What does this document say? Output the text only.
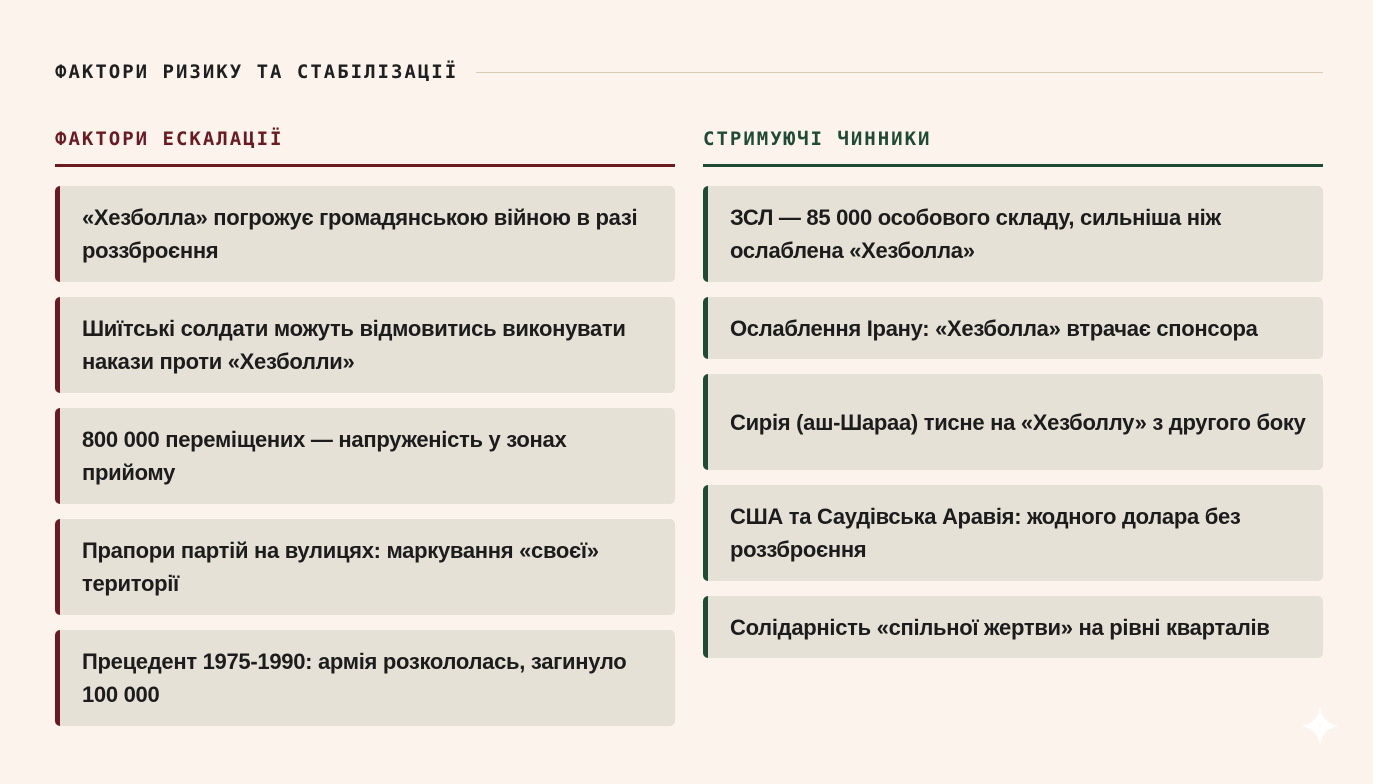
ФАКТОРИ РИЗИКУ ТА СТАБІЛІЗАЦІЇ
ФАКТОРИ ЕСКАЛАЦІЇ
«Хезболла» погрожує громадянською війною в разі роззброєння
Шиїтські солдати можуть відмовитись виконувати накази проти «Хезболли»
800 000 переміщених — напруженість у зонах прийому
Прапори партій на вулицях: маркування «своєї» території
Прецедент 1975-1990: армія розкололась, загинуло 100 000
СТРИМУЮЧІ ЧИННИКИ
ЗСЛ — 85 000 особового складу, сильніша ніж ослаблена «Хезболла»
Ослаблення Ірану: «Хезболла» втрачає спонсора
Сирія (аш-Шараа) тисне на «Хезболлу» з другого боку
США та Саудівська Аравія: жодного долара без роззброєння
Солідарність «спільної жертви» на рівні кварталів
